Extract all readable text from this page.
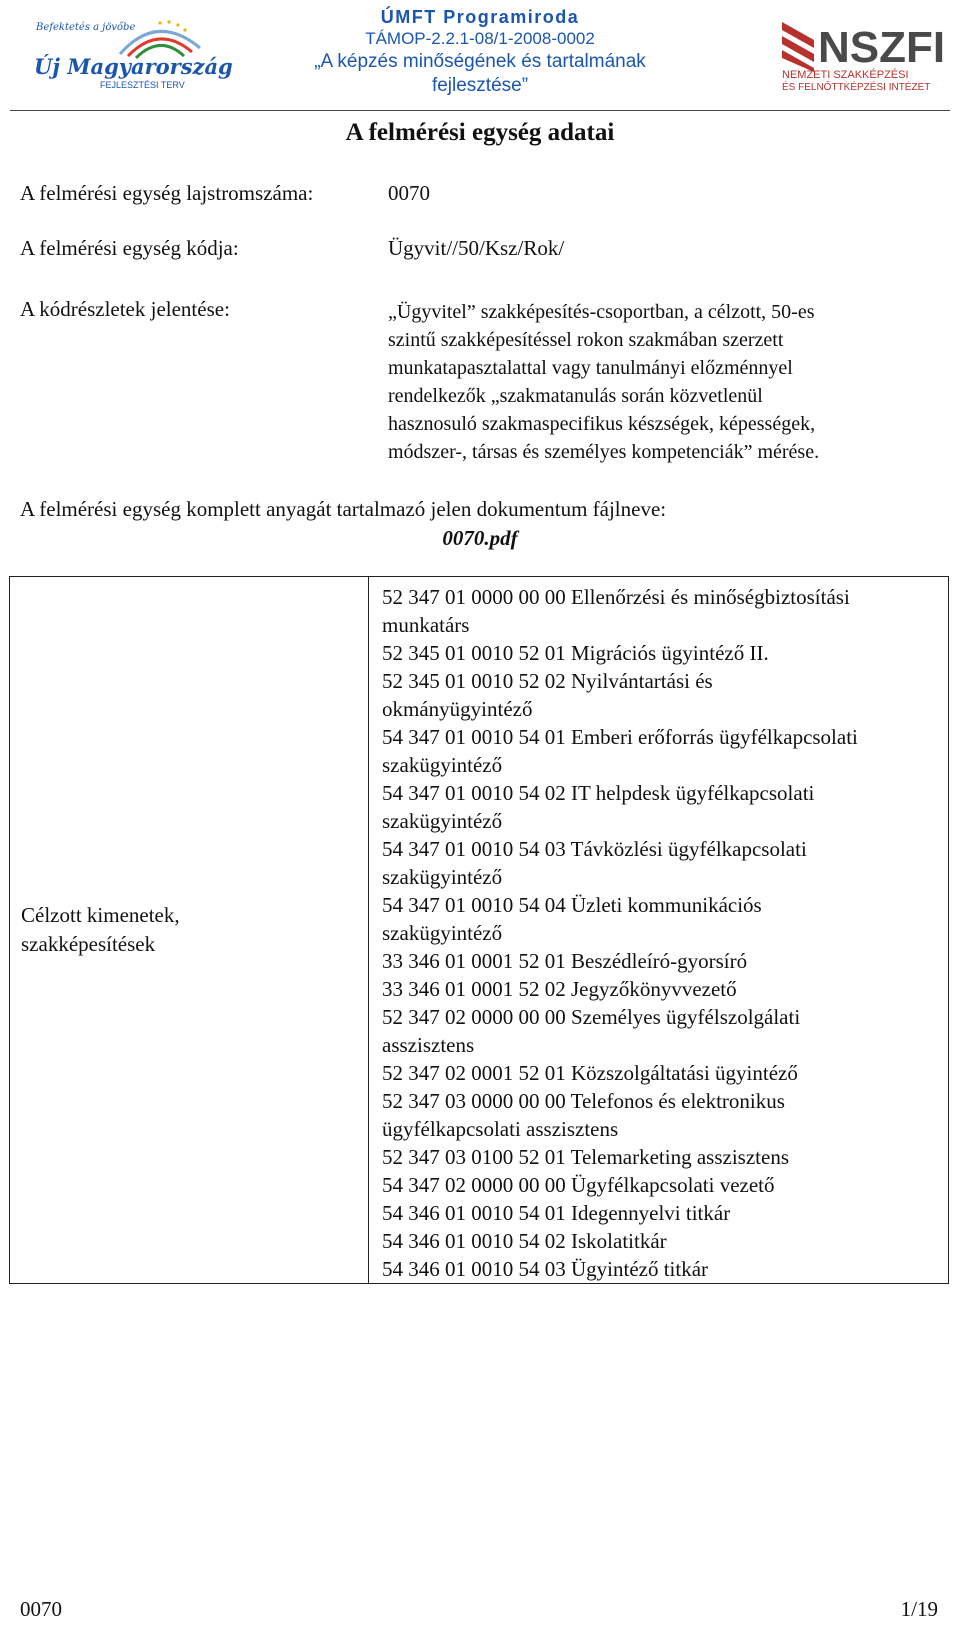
Befektetés a jövőbe
Új Magyarország
FEJLESZTÉSI TERV
ÚMFT Programiroda
TÁMOP-2.2.1-08/1-2008-0002
„A képzés minőségének és tartalmának
fejlesztése”
NSZFI
NEMZETI SZAKKÉPZÉSI
ÉS FELNŐTTKÉPZÉSI INTÉZET
A felmérési egység adatai
A felmérési egység lajstromszáma:	0070
A felmérési egység kódja:	Ügyvit//50/Ksz/Rok/
A kódrészletek jelentése:	„Ügyvitel” szakképesítés-csoportban, a célzott, 50-es
szintű szakképesítéssel rokon szakmában szerzett
munkatapasztalattal vagy tanulmányi előzménnyel
rendelkezők „szakmatanulás során közvetlenül
hasznosuló szakmaspecifikus készségek, képességek,
módszer-, társas és személyes kompetenciák” mérése.
A felmérési egység komplett anyagát tartalmazó jelen dokumentum fájlneve:
0070.pdf
Célzott kimenetek,
szakképesítések
52 347 01 0000 00 00 Ellenőrzési és minőségbiztosítási
munkatárs
52 345 01 0010 52 01 Migrációs ügyintéző II.
52 345 01 0010 52 02 Nyilvántartási és
okmányügyintéző
54 347 01 0010 54 01 Emberi erőforrás ügyfélkapcsolati
szakügyintéző
54 347 01 0010 54 02 IT helpdesk ügyfélkapcsolati
szakügyintéző
54 347 01 0010 54 03 Távközlési ügyfélkapcsolati
szakügyintéző
54 347 01 0010 54 04 Üzleti kommunikációs
szakügyintéző
33 346 01 0001 52 01 Beszédleíró-gyorsíró
33 346 01 0001 52 02 Jegyzőkönyvvezető
52 347 02 0000 00 00 Személyes ügyfélszolgálati
asszisztens
52 347 02 0001 52 01 Közszolgáltatási ügyintéző
52 347 03 0000 00 00 Telefonos és elektronikus
ügyfélkapcsolati asszisztens
52 347 03 0100 52 01 Telemarketing asszisztens
54 347 02 0000 00 00 Ügyfélkapcsolati vezető
54 346 01 0010 54 01 Idegennyelvi titkár
54 346 01 0010 54 02 Iskolatitkár
54 346 01 0010 54 03 Ügyintéző titkár
0070	1/19
